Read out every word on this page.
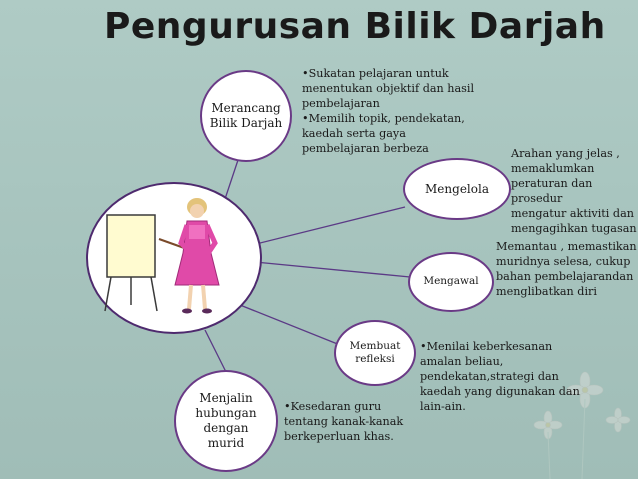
Pengurusan Bilik Darjah
Merancang
Bilik Darjah
Mengelola
Mengawal
Membuat
refleksi
Menjalin
hubungan
dengan
murid
•Sukatan pelajaran untuk
menentukan objektif dan hasil
pembelajaran
•Memilih topik, pendekatan,
kaedah serta gaya
pembelajaran berbeza	Arahan yang jelas ,
memaklumkan
peraturan dan prosedur
mengatur aktiviti dan
mengagihkan tugasan
Memantau , memastikan
muridnya selesa, cukup
bahan pembelajarandan
menglibatkan diri
•Menilai keberkesanan
amalan beliau,
pendekatan,strategi dan
kaedah yang digunakan dan
lain-ain.
•Kesedaran guru
tentang kanak-kanak
berkeperluan khas.
